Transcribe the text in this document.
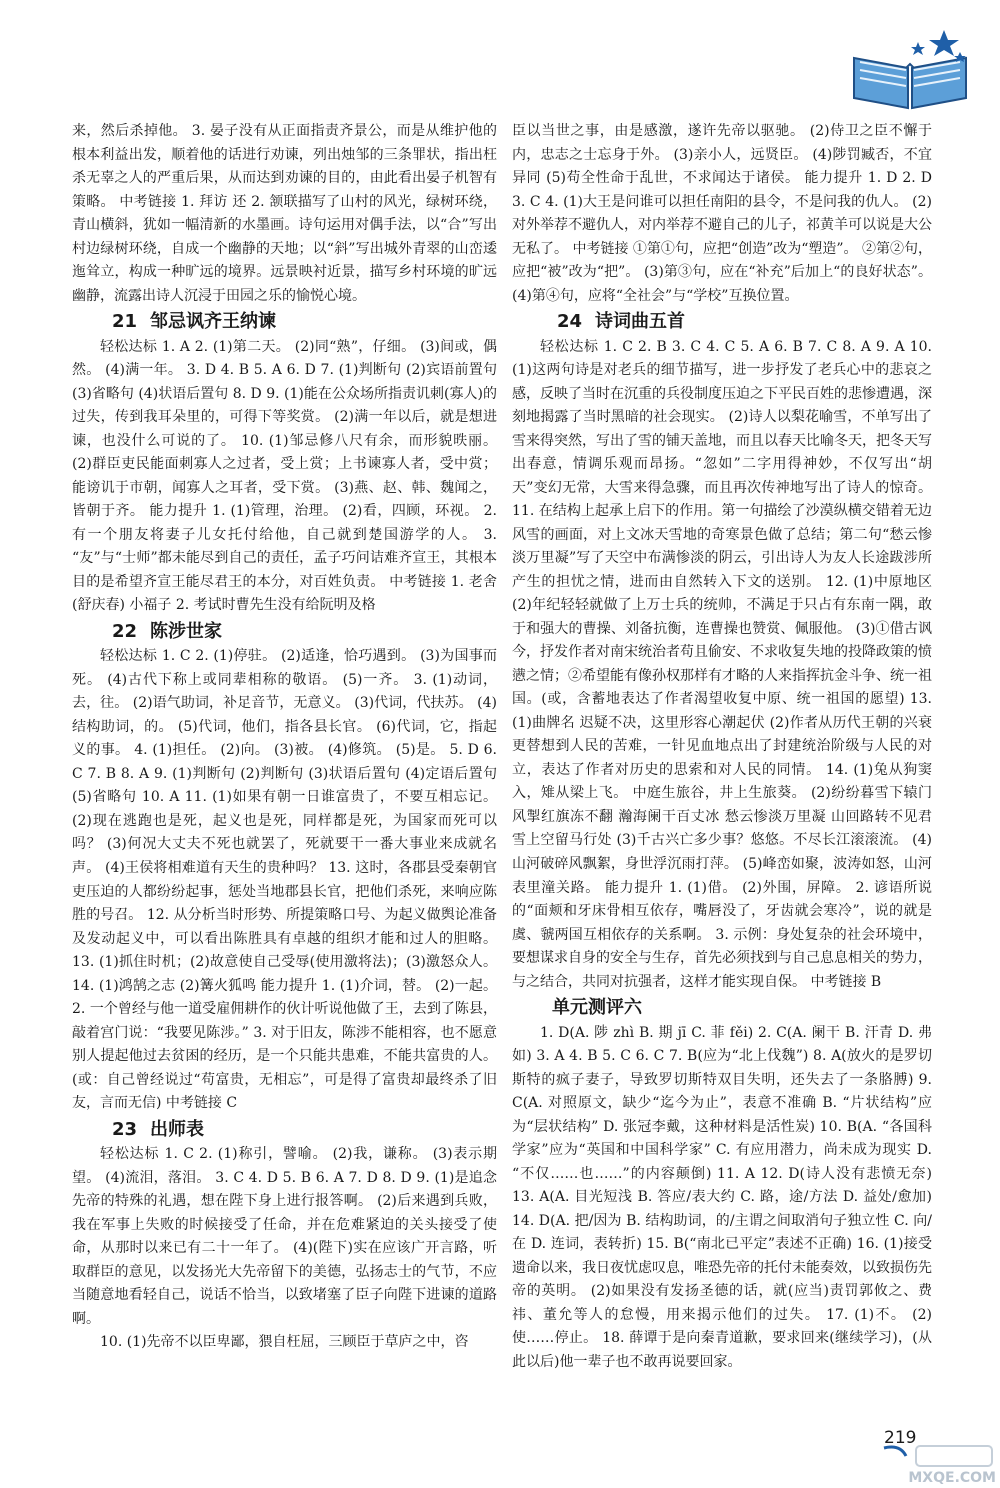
来，然后杀掉他。 3. 晏子没有从正面指责齐景公，而是从维护他的根本利益出发，顺着他的话进行劝谏，列出烛邹的三条罪状，指出枉杀无辜之人的严重后果，从而达到劝谏的目的，由此看出晏子机智有策略。 中考链接 1. 拜访 还 2. 颔联描写了山村的风光，绿树环绕，青山横斜，犹如一幅清新的水墨画。诗句运用对偶手法，以“合”写出村边绿树环绕，自成一个幽静的天地；以“斜”写出城外青翠的山峦逶迤耸立，构成一种旷远的境界。远景映衬近景，描写乡村环境的旷远幽静，流露出诗人沉浸于田园之乐的愉悦心境。

21 邹忌讽齐王纳谏

轻松达标 1. A 2. (1)第二天。 (2)同“熟”，仔细。 (3)间或，偶然。 (4)满一年。 3. D 4. B 5. A 6. D 7. (1)判断句 (2)宾语前置句 (3)省略句 (4)状语后置句 8. D 9. (1)能在公众场所指责讥刺(寡人)的过失，传到我耳朵里的，可得下等奖赏。 (2)满一年以后，就是想进谏，也没什么可说的了。 10. (1)邹忌修八尺有余，而形貌昳丽。 (2)群臣吏民能面刺寡人之过者，受上赏；上书谏寡人者，受中赏；能谤讥于市朝，闻寡人之耳者，受下赏。 (3)燕、赵、韩、魏闻之，皆朝于齐。 能力提升 1. (1)管理，治理。 (2)看，四顾，环视。 2. 有一个朋友将妻子儿女托付给他，自己就到楚国游学的人。 3. “友”与“士师”都未能尽到自己的责任，孟子巧问诘难齐宣王，其根本目的是希望齐宣王能尽君王的本分，对百姓负责。 中考链接 1. 老舍(舒庆春) 小福子 2. 考试时曹先生没有给阮明及格

22 陈涉世家

轻松达标 1. C 2. (1)停驻。 (2)适逢，恰巧遇到。 (3)为国事而死。 (4)古代下称上或同辈相称的敬语。 (5)一齐。 3. (1)动词，去，往。 (2)语气助词，补足音节，无意义。 (3)代词，代扶苏。 (4)结构助词，的。 (5)代词，他们，指各县长官。 (6)代词，它，指起义的事。 4. (1)担任。 (2)向。 (3)被。 (4)修筑。 (5)是。 5. D 6. C 7. B 8. A 9. (1)判断句 (2)判断句 (3)状语后置句 (4)定语后置句 (5)省略句 10. A 11. (1)如果有朝一日谁富贵了，不要互相忘记。 (2)现在逃跑也是死，起义也是死，同样都是死，为国家而死可以吗？ (3)何况大丈夫不死也就罢了，死就要干一番大事业来成就名声。 (4)王侯将相难道有天生的贵种吗？ 13. 这时，各郡县受秦朝官吏压迫的人都纷纷起事，惩处当地郡县长官，把他们杀死，来响应陈胜的号召。 12. 从分析当时形势、所提策略口号、为起义做舆论准备及发动起义中，可以看出陈胜具有卓越的组织才能和过人的胆略。 13. (1)抓住时机；(2)故意使自己受辱(使用激将法)；(3)激怒众人。 14. (1)鸿鹄之志 (2)篝火狐鸣 能力提升 1. (1)介词，替。 (2)一起。 2. 一个曾经与他一道受雇佣耕作的伙计听说他做了王，去到了陈县，敲着宫门说：“我要见陈涉。” 3. 对于旧友，陈涉不能相容，也不愿意别人提起他过去贫困的经历，是一个只能共患难，不能共富贵的人。(或：自己曾经说过“苟富贵，无相忘”，可是得了富贵却最终杀了旧友，言而无信) 中考链接 C

23 出师表

轻松达标 1. C 2. (1)称引，譬喻。 (2)我，谦称。 (3)表示期望。 (4)流泪，落泪。 3. C 4. D 5. B 6. A 7. D 8. D 9. (1)是追念先帝的特殊的礼遇，想在陛下身上进行报答啊。 (2)后来遇到兵败，我在军事上失败的时候接受了任命，并在危难紧迫的关头接受了使命，从那时以来已有二十一年了。 (4)(陛下)实在应该广开言路，听取群臣的意见，以发扬光大先帝留下的美德，弘扬志士的气节，不应当随意地看轻自己，说话不恰当，以致堵塞了臣子向陛下进谏的道路啊。

10. (1)先帝不以臣卑鄙，猥自枉屈，三顾臣于草庐之中，咨

臣以当世之事，由是感激，遂许先帝以驱驰。 (2)侍卫之臣不懈于内，忠志之士忘身于外。 (3)亲小人，远贤臣。 (4)陟罚臧否，不宜异同 (5)苟全性命于乱世，不求闻达于诸侯。 能力提升 1. D 2. D 3. C 4. (1)大王是问谁可以担任南阳的县令，不是问我的仇人。 (2)对外举荐不避仇人，对内举荐不避自己的儿子，祁黄羊可以说是大公无私了。 中考链接 ①第①句，应把“创造”改为“塑造”。 ②第②句，应把“被”改为“把”。 (3)第③句，应在“补充”后加上“的良好状态”。 (4)第④句，应将“全社会”与“学校”互换位置。

24 诗词曲五首

轻松达标 1. C 2. B 3. C 4. C 5. A 6. B 7. C 8. A 9. A 10. (1)这两句诗是对老兵的细节描写，进一步抒发了老兵心中的悲哀之感，反映了当时在沉重的兵役制度压迫之下平民百姓的悲惨遭遇，深刻地揭露了当时黑暗的社会现实。 (2)诗人以梨花喻雪，不单写出了雪来得突然，写出了雪的铺天盖地，而且以春天比喻冬天，把冬天写出春意，情调乐观而昂扬。“忽如”二字用得神妙，不仅写出“胡天”变幻无常，大雪来得急骤，而且再次传神地写出了诗人的惊奇。 11. 在结构上起承上启下的作用。第一句描绘了沙漠纵横交错着无边风雪的画面，对上文冰天雪地的奇寒景色做了总结；第二句“愁云惨淡万里凝”写了天空中布满惨淡的阴云，引出诗人为友人长途跋涉所产生的担忧之情，进而由自然转入下文的送别。 12. (1)中原地区 (2)年纪轻轻就做了上万士兵的统帅，不满足于只占有东南一隅，敢于和强大的曹操、刘备抗衡，连曹操也赞赏、佩服他。 (3)①借古讽今，抒发作者对南宋统治者苟且偷安、不求收复失地的投降政策的愤懑之情；②希望能有像孙权那样有才略的人来指挥抗金斗争、统一祖国。(或，含蓄地表达了作者渴望收复中原、统一祖国的愿望) 13. (1)曲牌名 迟疑不决，这里形容心潮起伏 (2)作者从历代王朝的兴衰更替想到人民的苦难，一针见血地点出了封建统治阶级与人民的对立，表达了作者对历史的思索和对人民的同情。 14. (1)兔从狗窦入，雉从梁上飞。 中庭生旅谷，井上生旅葵。 (2)纷纷暮雪下辕门 风掣红旗冻不翻 瀚海阑干百丈冰 愁云惨淡万里凝 山回路转不见君 雪上空留马行处 (3)千古兴亡多少事？悠悠。不尽长江滚滚流。 (4)山河破碎风飘絮，身世浮沉雨打萍。 (5)峰峦如聚，波涛如怒，山河表里潼关路。 能力提升 1. (1)借。 (2)外围，屏障。 2. 谚语所说的“面颊和牙床骨相互依存，嘴唇没了，牙齿就会寒冷”，说的就是虞、虢两国互相依存的关系啊。 3. 示例：身处复杂的社会环境中，要想谋求自身的安全与生存，首先必须找到与自己息息相关的势力，与之结合，共同对抗强者，这样才能实现自保。 中考链接 B

单元测评六

1. D(A. 陟 zhì B. 期 jī C. 菲 fěi) 2. C(A. 阑干 B. 汗青 D. 弗如) 3. A 4. B 5. C 6. C 7. B(应为“北上伐魏”) 8. A(放火的是罗切斯特的疯子妻子，导致罗切斯特双目失明，还失去了一条胳膊) 9. C(A. 对照原文，缺少“迄今为止”，表意不准确 B. “片状结构”应为“层状结构” D. 张冠李戴，这种材料是活性炭) 10. B(A. “各国科学家”应为“英国和中国科学家” C. 有应用潜力，尚未成为现实 D. “不仅……也……”的内容颠倒) 11. A 12. D(诗人没有悲愤无奈) 13. A(A. 目光短浅 B. 答应/表大约 C. 路，途/方法 D. 益处/愈加) 14. D(A. 把/因为 B. 结构助词，的/主谓之间取消句子独立性 C. 向/在 D. 连词，表转折) 15. B(“南北已平定”表述不正确) 16. (1)接受遗命以来，我日夜忧虑叹息，唯恐先帝的托付未能奏效，以致损伤先帝的英明。 (2)如果没有发扬圣德的话，就(应当)责罚郭攸之、费祎、董允等人的怠慢，用来揭示他们的过失。 17. (1)不。 (2)使……停止。 18. 薛谭于是向秦青道歉，要求回来(继续学习)，(从此以后)他一辈子也不敢再说要回家。

219
MXQE.COM
